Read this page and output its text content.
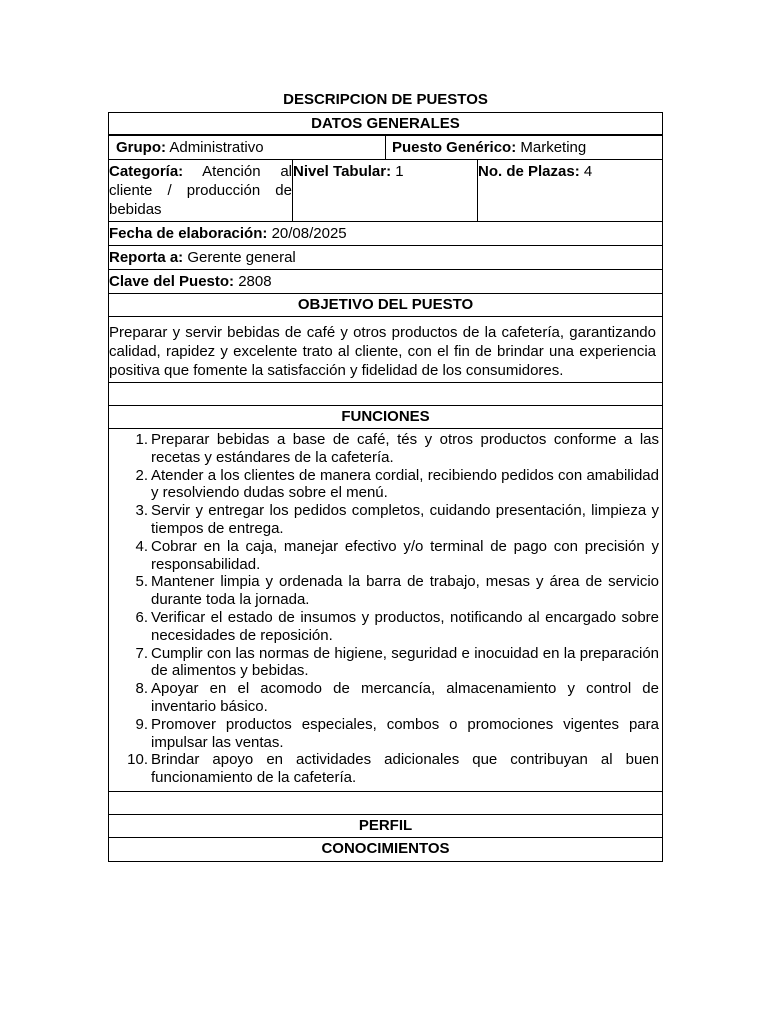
DESCRIPCION DE PUESTOS
DATOS GENERALES
Grupo: Administrativo	Puesto Genérico: Marketing
Categoría: Atención al cliente / producción de bebidas
Nivel Tabular: 1	No. de Plazas: 4
Fecha de elaboración: 20/08/2025
Reporta a: Gerente general
Clave del Puesto: 2808
OBJETIVO DEL PUESTO
Preparar y servir bebidas de café y otros productos de la cafetería, garantizando calidad, rapidez y excelente trato al cliente, con el fin de brindar una experiencia positiva que fomente la satisfacción y fidelidad de los consumidores.
FUNCIONES
1. Preparar bebidas a base de café, tés y otros productos conforme a las recetas y estándares de la cafetería.
2. Atender a los clientes de manera cordial, recibiendo pedidos con amabilidad y resolviendo dudas sobre el menú.
3. Servir y entregar los pedidos completos, cuidando presentación, limpieza y tiempos de entrega.
4. Cobrar en la caja, manejar efectivo y/o terminal de pago con precisión y responsabilidad.
5. Mantener limpia y ordenada la barra de trabajo, mesas y área de servicio durante toda la jornada.
6. Verificar el estado de insumos y productos, notificando al encargado sobre necesidades de reposición.
7. Cumplir con las normas de higiene, seguridad e inocuidad en la preparación de alimentos y bebidas.
8. Apoyar en el acomodo de mercancía, almacenamiento y control de inventario básico.
9. Promover productos especiales, combos o promociones vigentes para impulsar las ventas.
10. Brindar apoyo en actividades adicionales que contribuyan al buen funcionamiento de la cafetería.
PERFIL
CONOCIMIENTOS
